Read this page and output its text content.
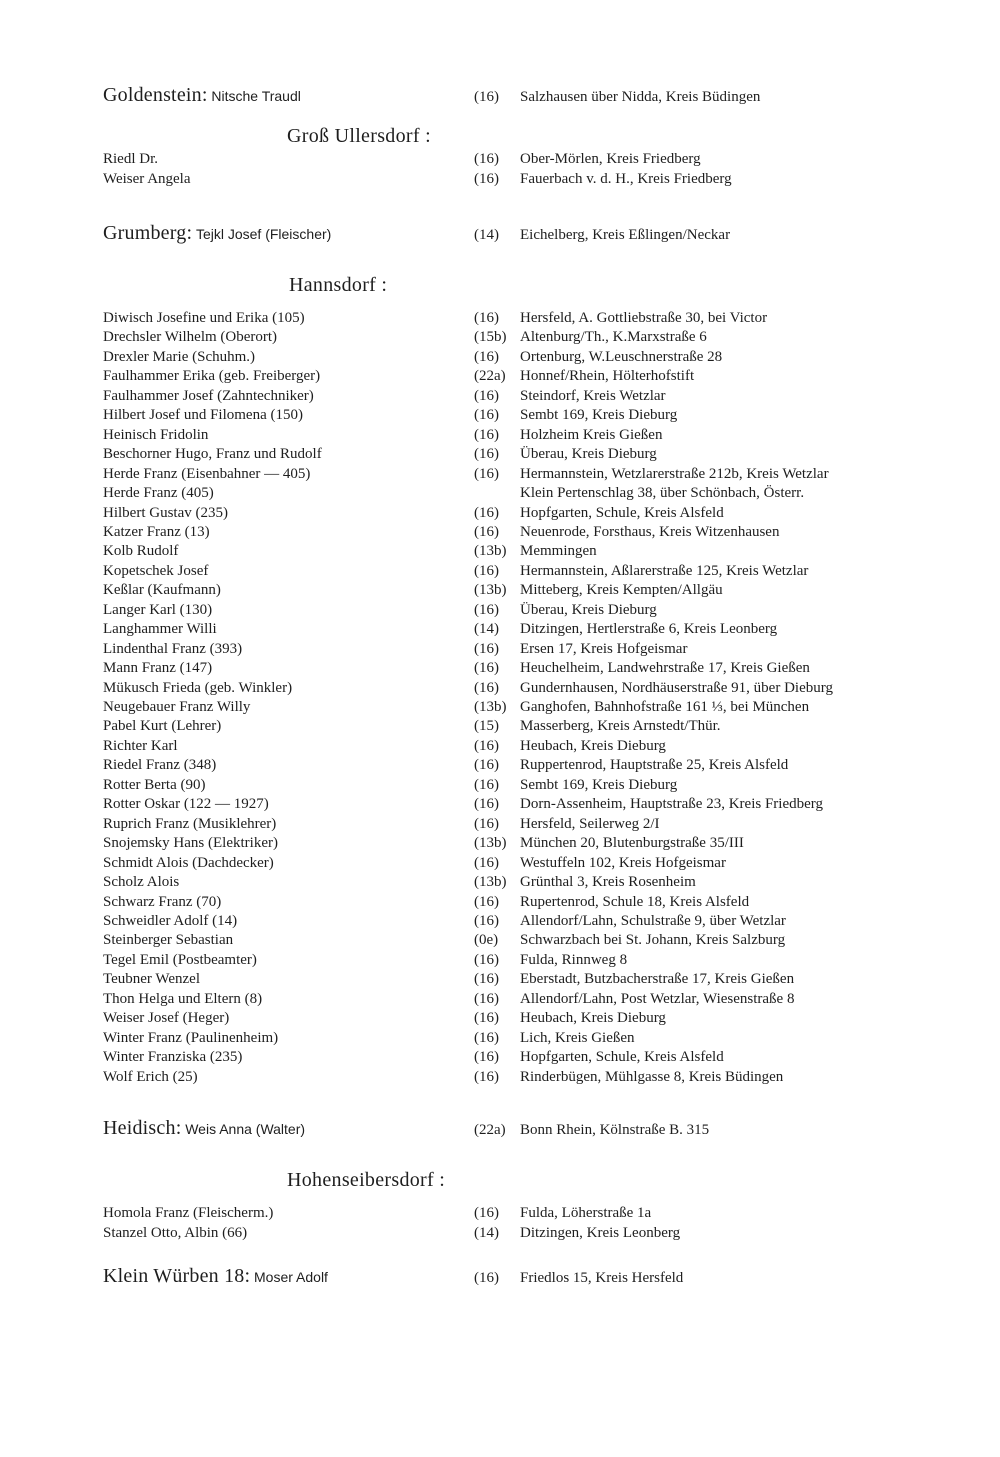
Goldenstein: Nitsche Traudl	(16) Salzhausen über Nidda, Kreis Büdingen
Groß Ullersdorf :
Riedl Dr.	(16) Ober-Mörlen, Kreis Friedberg
Weiser Angela	(16) Fauerbach v. d. H., Kreis Friedberg
Grumberg: Tejkl Josef (Fleischer)	(14) Eichelberg, Kreis Eßlingen/Neckar
Hannsdorf :
Diwisch Josefine und Erika (105)	(16) Hersfeld, A. Gottliebstraße 30, bei Victor
Drechsler Wilhelm (Oberort)	(15b) Altenburg/Th., K.Marxstraße 6
Drexler Marie (Schuhm.)	(16) Ortenburg, W.Leuschnerstraße 28
Faulhammer Erika (geb. Freiberger)	(22a) Honnef/Rhein, Hölterhofstift
Faulhammer Josef (Zahntechniker)	(16) Steindorf, Kreis Wetzlar
Hilbert Josef und Filomena (150)	(16) Sembt 169, Kreis Dieburg
Heinisch Fridolin	(16) Holzheim Kreis Gießen
Beschorner Hugo, Franz und Rudolf	(16) Überau, Kreis Dieburg
Herde Franz (Eisenbahner — 405)	(16) Hermannstein, Wetzlarerstraße 212b, Kreis Wetzlar
Herde Franz (405)	Klein Pertenschlag 38, über Schönbach, Österr.
Hilbert Gustav (235)	(16) Hopfgarten, Schule, Kreis Alsfeld
Katzer Franz (13)	(16) Neuenrode, Forsthaus, Kreis Witzenhausen
Kolb Rudolf	(13b) Memmingen
Kopetschek Josef	(16) Hermannstein, Aßlarerstraße 125, Kreis Wetzlar
Keßlar (Kaufmann)	(13b) Mitteberg, Kreis Kempten/Allgäu
Langer Karl (130)	(16) Überau, Kreis Dieburg
Langhammer Willi	(14) Ditzingen, Hertlerstraße 6, Kreis Leonberg
Lindenthal Franz (393)	(16) Ersen 17, Kreis Hofgeismar
Mann Franz (147)	(16) Heuchelheim, Landwehrstraße 17, Kreis Gießen
Mükusch Frieda (geb. Winkler)	(16) Gundernhausen, Nordhäuserstraße 91, über Dieburg
Neugebauer Franz Willy	(13b) Ganghofen, Bahnhofstraße 161 ⅓, bei München
Pabel Kurt (Lehrer)	(15) Masserberg, Kreis Arnstedt/Thür.
Richter Karl	(16) Heubach, Kreis Dieburg
Riedel Franz (348)	(16) Ruppertenrod, Hauptstraße 25, Kreis Alsfeld
Rotter Berta (90)	(16) Sembt 169, Kreis Dieburg
Rotter Oskar (122 — 1927)	(16) Dorn-Assenheim, Hauptstraße 23, Kreis Friedberg
Ruprich Franz (Musiklehrer)	(16) Hersfeld, Seilerweg 2/I
Snojemsky Hans (Elektriker)	(13b) München 20, Blutenburgstraße 35/III
Schmidt Alois (Dachdecker)	(16) Westuffeln 102, Kreis Hofgeismar
Scholz Alois	(13b) Grünthal 3, Kreis Rosenheim
Schwarz Franz (70)	(16) Rupertenrod, Schule 18, Kreis Alsfeld
Schweidler Adolf (14)	(16) Allendorf/Lahn, Schulstraße 9, über Wetzlar
Steinberger Sebastian	(0e) Schwarzbach bei St. Johann, Kreis Salzburg
Tegel Emil (Postbeamter)	(16) Fulda, Rinnweg 8
Teubner Wenzel	(16) Eberstadt, Butzbacherstraße 17, Kreis Gießen
Thon Helga und Eltern (8)	(16) Allendorf/Lahn, Post Wetzlar, Wiesenstraße 8
Weiser Josef (Heger)	(16) Heubach, Kreis Dieburg
Winter Franz (Paulinenheim)	(16) Lich, Kreis Gießen
Winter Franziska (235)	(16) Hopfgarten, Schule, Kreis Alsfeld
Wolf Erich (25)	(16) Rinderbügen, Mühlgasse 8, Kreis Büdingen
Heidisch: Weis Anna (Walter)	(22a) Bonn Rhein, Kölnstraße B. 315
Hohenseibersdorf :
Homola Franz (Fleischerm.)	(16) Fulda, Löherstraße 1a
Stanzel Otto, Albin (66)	(14) Ditzingen, Kreis Leonberg
Klein Würben 18: Moser Adolf	(16) Friedlos 15, Kreis Hersfeld
